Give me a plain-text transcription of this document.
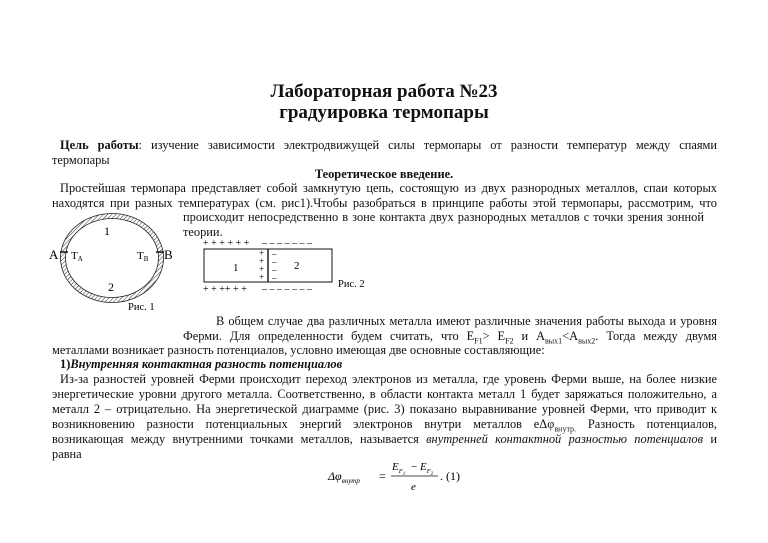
Лабораторная работа №23
градуировка термопары
Цель работы: изучение зависимости электродвижущей силы термопары от разности температур между спаями
термопары
Теоретическое введение.
Простейшая термопара представляет собой замкнутую цепь, состоящую из двух разнородных металлов, спаи которых
находятся при разных температурах (см. рис1).Чтобы разобраться в принципе работы этой термопары, рассмотрим, что
происходит непосредственно в зоне контакта двух разнородных металлов с точки зрения зонной
теории.
1
2
A	B
TA	TB
Рис. 1
+ + + + + + – – – – – – –
1	2
+
+
+
+
–
–
–
–
+ + ++ + + – – – – – – – Рис. 2
В общем случае два различных металла имеют различные значения работы выхода и уровня
Ферми. Для определенности будем считать, что $E_{F1}> E_{F2}$ и $A_{вых1}<A_{вых2}$. Тогда между двумя
металлами возникает разность потенциалов, условно имеющая две основные составляющие:
1)Внутренняя контактная разность потенциалов
Из-за разностей уровней Ферми происходит переход электронов из металла, где уровень Ферми выше, на более низкие
энергетические уровни другого металла. Соответственно, в области контакта металл 1 будет заряжаться положительно, а
металл 2 – отрицательно. На энергетической диаграмме (рис. 3) показано выравнивание уровней Ферми, что приводит к
возникновению разности потенциальных энергий электронов внутри металлов eΔφ$_{внутр.}$ Разность потенциалов,
возникающая между внутренними точками металлов, называется внутренней контактной разностью потенциалов и
равна
$\Delta\varphi_{внутр}$ =
$E_F1$
− $E_F2$
e
. (1)
